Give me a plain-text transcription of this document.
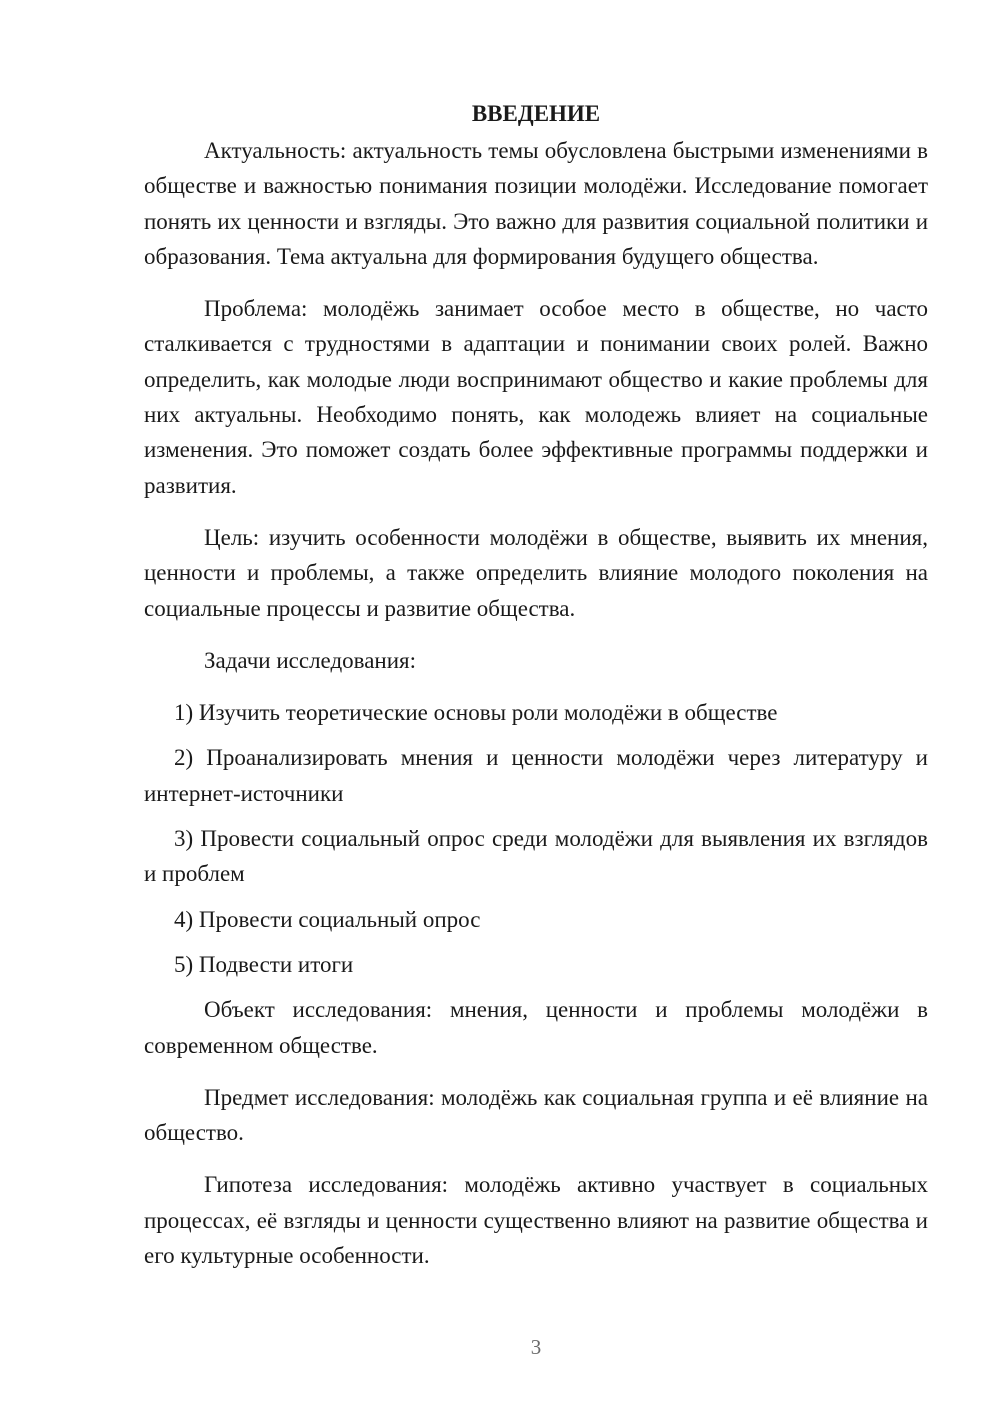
ВВЕДЕНИЕ

Актуальность: актуальность темы обусловлена быстрыми изменениями в обществе и важностью понимания позиции молодёжи. Исследование помогает понять их ценности и взгляды. Это важно для развития социальной политики и образования. Тема актуальна для формирования будущего общества.

Проблема: молодёжь занимает особое место в обществе, но часто сталкивается с трудностями в адаптации и понимании своих ролей. Важно определить, как молодые люди воспринимают общество и какие проблемы для них актуальны. Необходимо понять, как молодежь влияет на социальные изменения. Это поможет создать более эффективные программы поддержки и развития.

Цель: изучить особенности молодёжи в обществе, выявить их мнения, ценности и проблемы, а также определить влияние молодого поколения на социальные процессы и развитие общества.

Задачи исследования:

1) Изучить теоретические основы роли молодёжи в обществе

2) Проанализировать мнения и ценности молодёжи через литературу и интернет-источники

3) Провести социальный опрос среди молодёжи для выявления их взглядов и проблем

4) Провести социальный опрос

5) Подвести итоги

Объект исследования: мнения, ценности и проблемы молодёжи в современном обществе.

Предмет исследования: молодёжь как социальная группа и её влияние на общество.

Гипотеза исследования: молодёжь активно участвует в социальных процессах, её взгляды и ценности существенно влияют на развитие общества и его культурные особенности.

3
